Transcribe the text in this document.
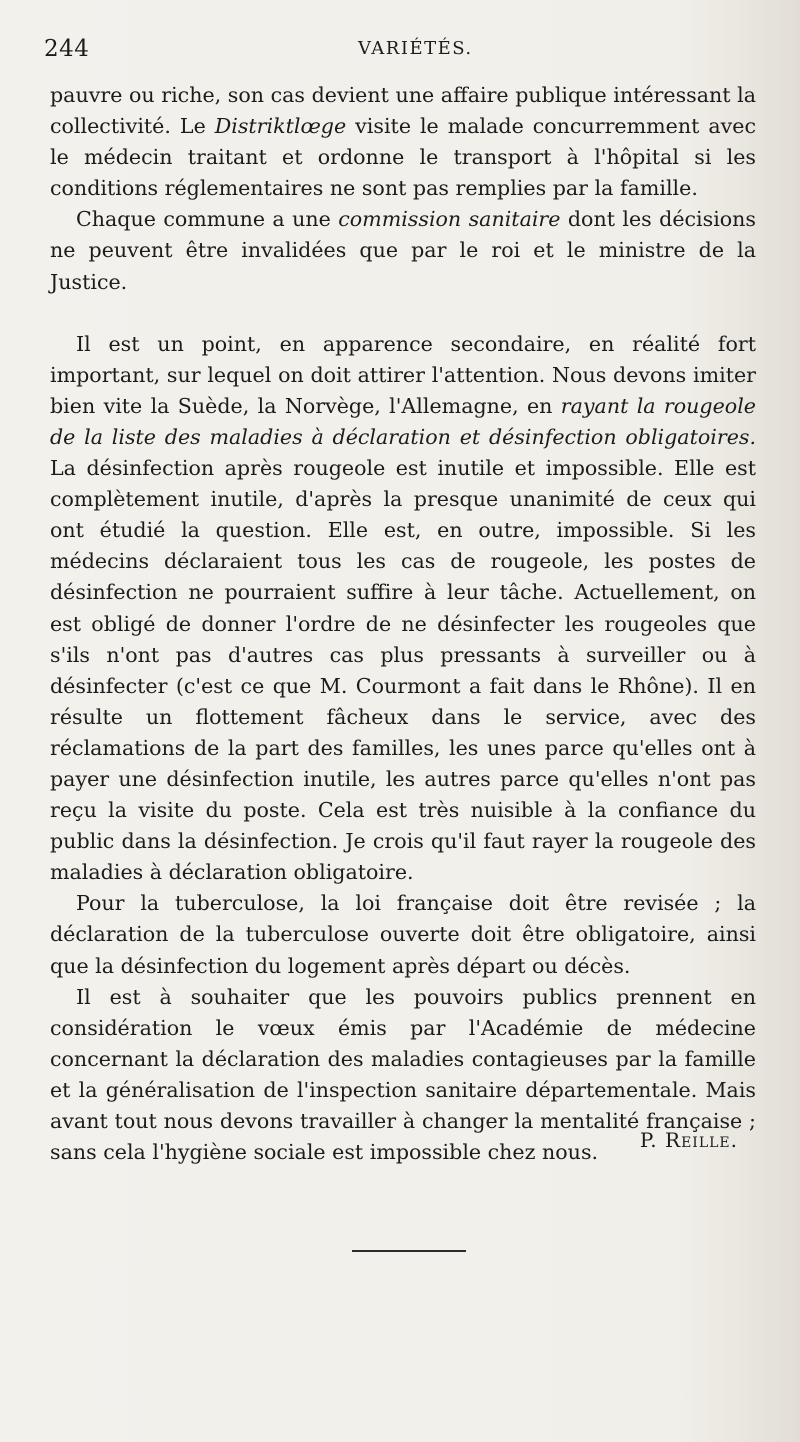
244	VARIÉTÉS.

pauvre ou riche, son cas devient une affaire publique intéressant la collectivité. Le Distriktlœge visite le malade concurremment avec le médecin traitant et ordonne le transport à l'hôpital si les conditions réglementaires ne sont pas remplies par la famille.

Chaque commune a une commission sanitaire dont les décisions ne peuvent être invalidées que par le roi et le ministre de la Justice.

Il est un point, en apparence secondaire, en réalité fort important, sur lequel on doit attirer l'attention. Nous devons imiter bien vite la Suède, la Norvège, l'Allemagne, en rayant la rougeole de la liste des maladies à déclaration et désinfection obligatoires. La désinfection après rougeole est inutile et impossible. Elle est complètement inutile, d'après la presque unanimité de ceux qui ont étudié la question. Elle est, en outre, impossible. Si les médecins déclaraient tous les cas de rougeole, les postes de désinfection ne pourraient suffire à leur tâche. Actuellement, on est obligé de donner l'ordre de ne désinfecter les rougeoles que s'ils n'ont pas d'autres cas plus pressants à surveiller ou à désinfecter (c'est ce que M. Courmont a fait dans le Rhône). Il en résulte un flottement fâcheux dans le service, avec des réclamations de la part des familles, les unes parce qu'elles ont à payer une désinfection inutile, les autres parce qu'elles n'ont pas reçu la visite du poste. Cela est très nuisible à la confiance du public dans la désinfection. Je crois qu'il faut rayer la rougeole des maladies à déclaration obligatoire.

Pour la tuberculose, la loi française doit être revisée ; la déclaration de la tuberculose ouverte doit être obligatoire, ainsi que la désinfection du logement après départ ou décès.

Il est à souhaiter que les pouvoirs publics prennent en considération le vœux émis par l'Académie de médecine concernant la déclaration des maladies contagieuses par la famille et la généralisation de l'inspection sanitaire départementale. Mais avant tout nous devons travailler à changer la mentalité française ; sans cela l'hygiène sociale est impossible chez nous.

P. Reille.
